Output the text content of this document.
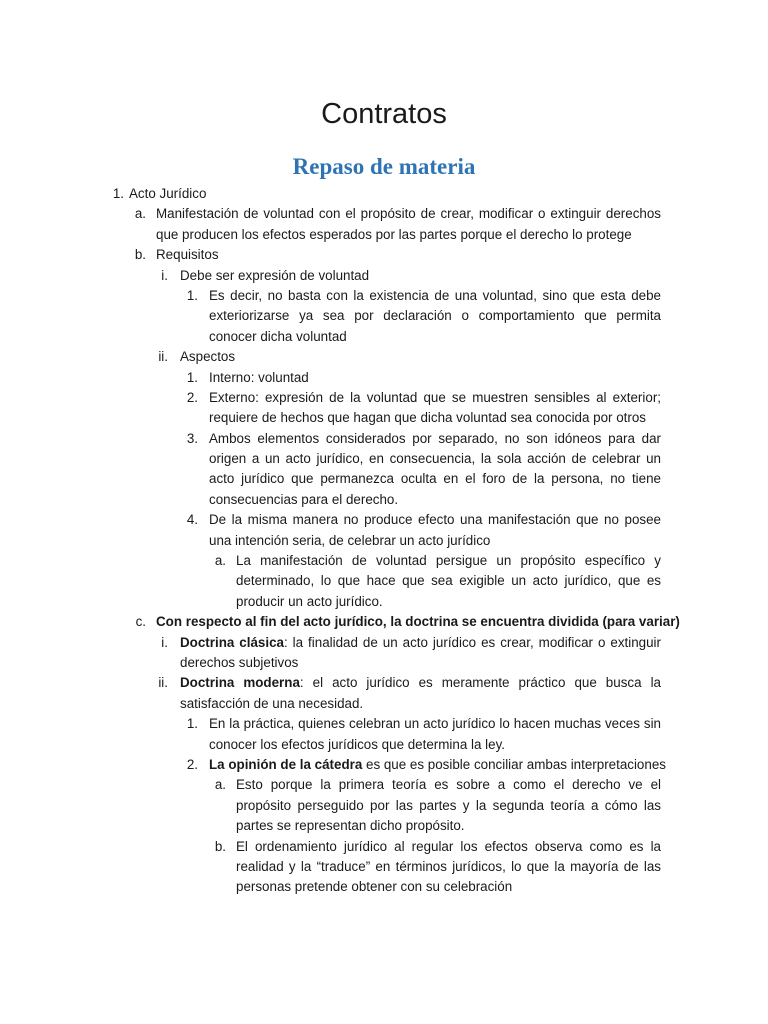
Contratos
Repaso de materia
1. Acto Jurídico
a. Manifestación de voluntad con el propósito de crear, modificar o extinguir derechos
que producen los efectos esperados por las partes porque el derecho lo protege
b. Requisitos
i. Debe ser expresión de voluntad
1. Es decir, no basta con la existencia de una voluntad, sino que esta debe
exteriorizarse ya sea por declaración o comportamiento que permita
conocer dicha voluntad
ii. Aspectos
1. Interno: voluntad
2. Externo: expresión de la voluntad que se muestren sensibles al exterior;
requiere de hechos que hagan que dicha voluntad sea conocida por otros
3. Ambos elementos considerados por separado, no son idóneos para dar
origen a un acto jurídico, en consecuencia, la sola acción de celebrar un
acto jurídico que permanezca oculta en el foro de la persona, no tiene
consecuencias para el derecho.
4. De la misma manera no produce efecto una manifestación que no posee
una intención seria, de celebrar un acto jurídico
a. La manifestación de voluntad persigue un propósito específico y
determinado, lo que hace que sea exigible un acto jurídico, que es
producir un acto jurídico.
c. Con respecto al fin del acto jurídico, la doctrina se encuentra dividida (para variar)
i. Doctrina clásica: la finalidad de un acto jurídico es crear, modificar o extinguir
derechos subjetivos
ii. Doctrina moderna: el acto jurídico es meramente práctico que busca la
satisfacción de una necesidad.
1. En la práctica, quienes celebran un acto jurídico lo hacen muchas veces sin
conocer los efectos jurídicos que determina la ley.
2. La opinión de la cátedra es que es posible conciliar ambas interpretaciones
a. Esto porque la primera teoría es sobre a como el derecho ve el
propósito perseguido por las partes y la segunda teoría a cómo las
partes se representan dicho propósito.
b. El ordenamiento jurídico al regular los efectos observa como es la
realidad y la “traduce” en términos jurídicos, lo que la mayoría de las
personas pretende obtener con su celebración
